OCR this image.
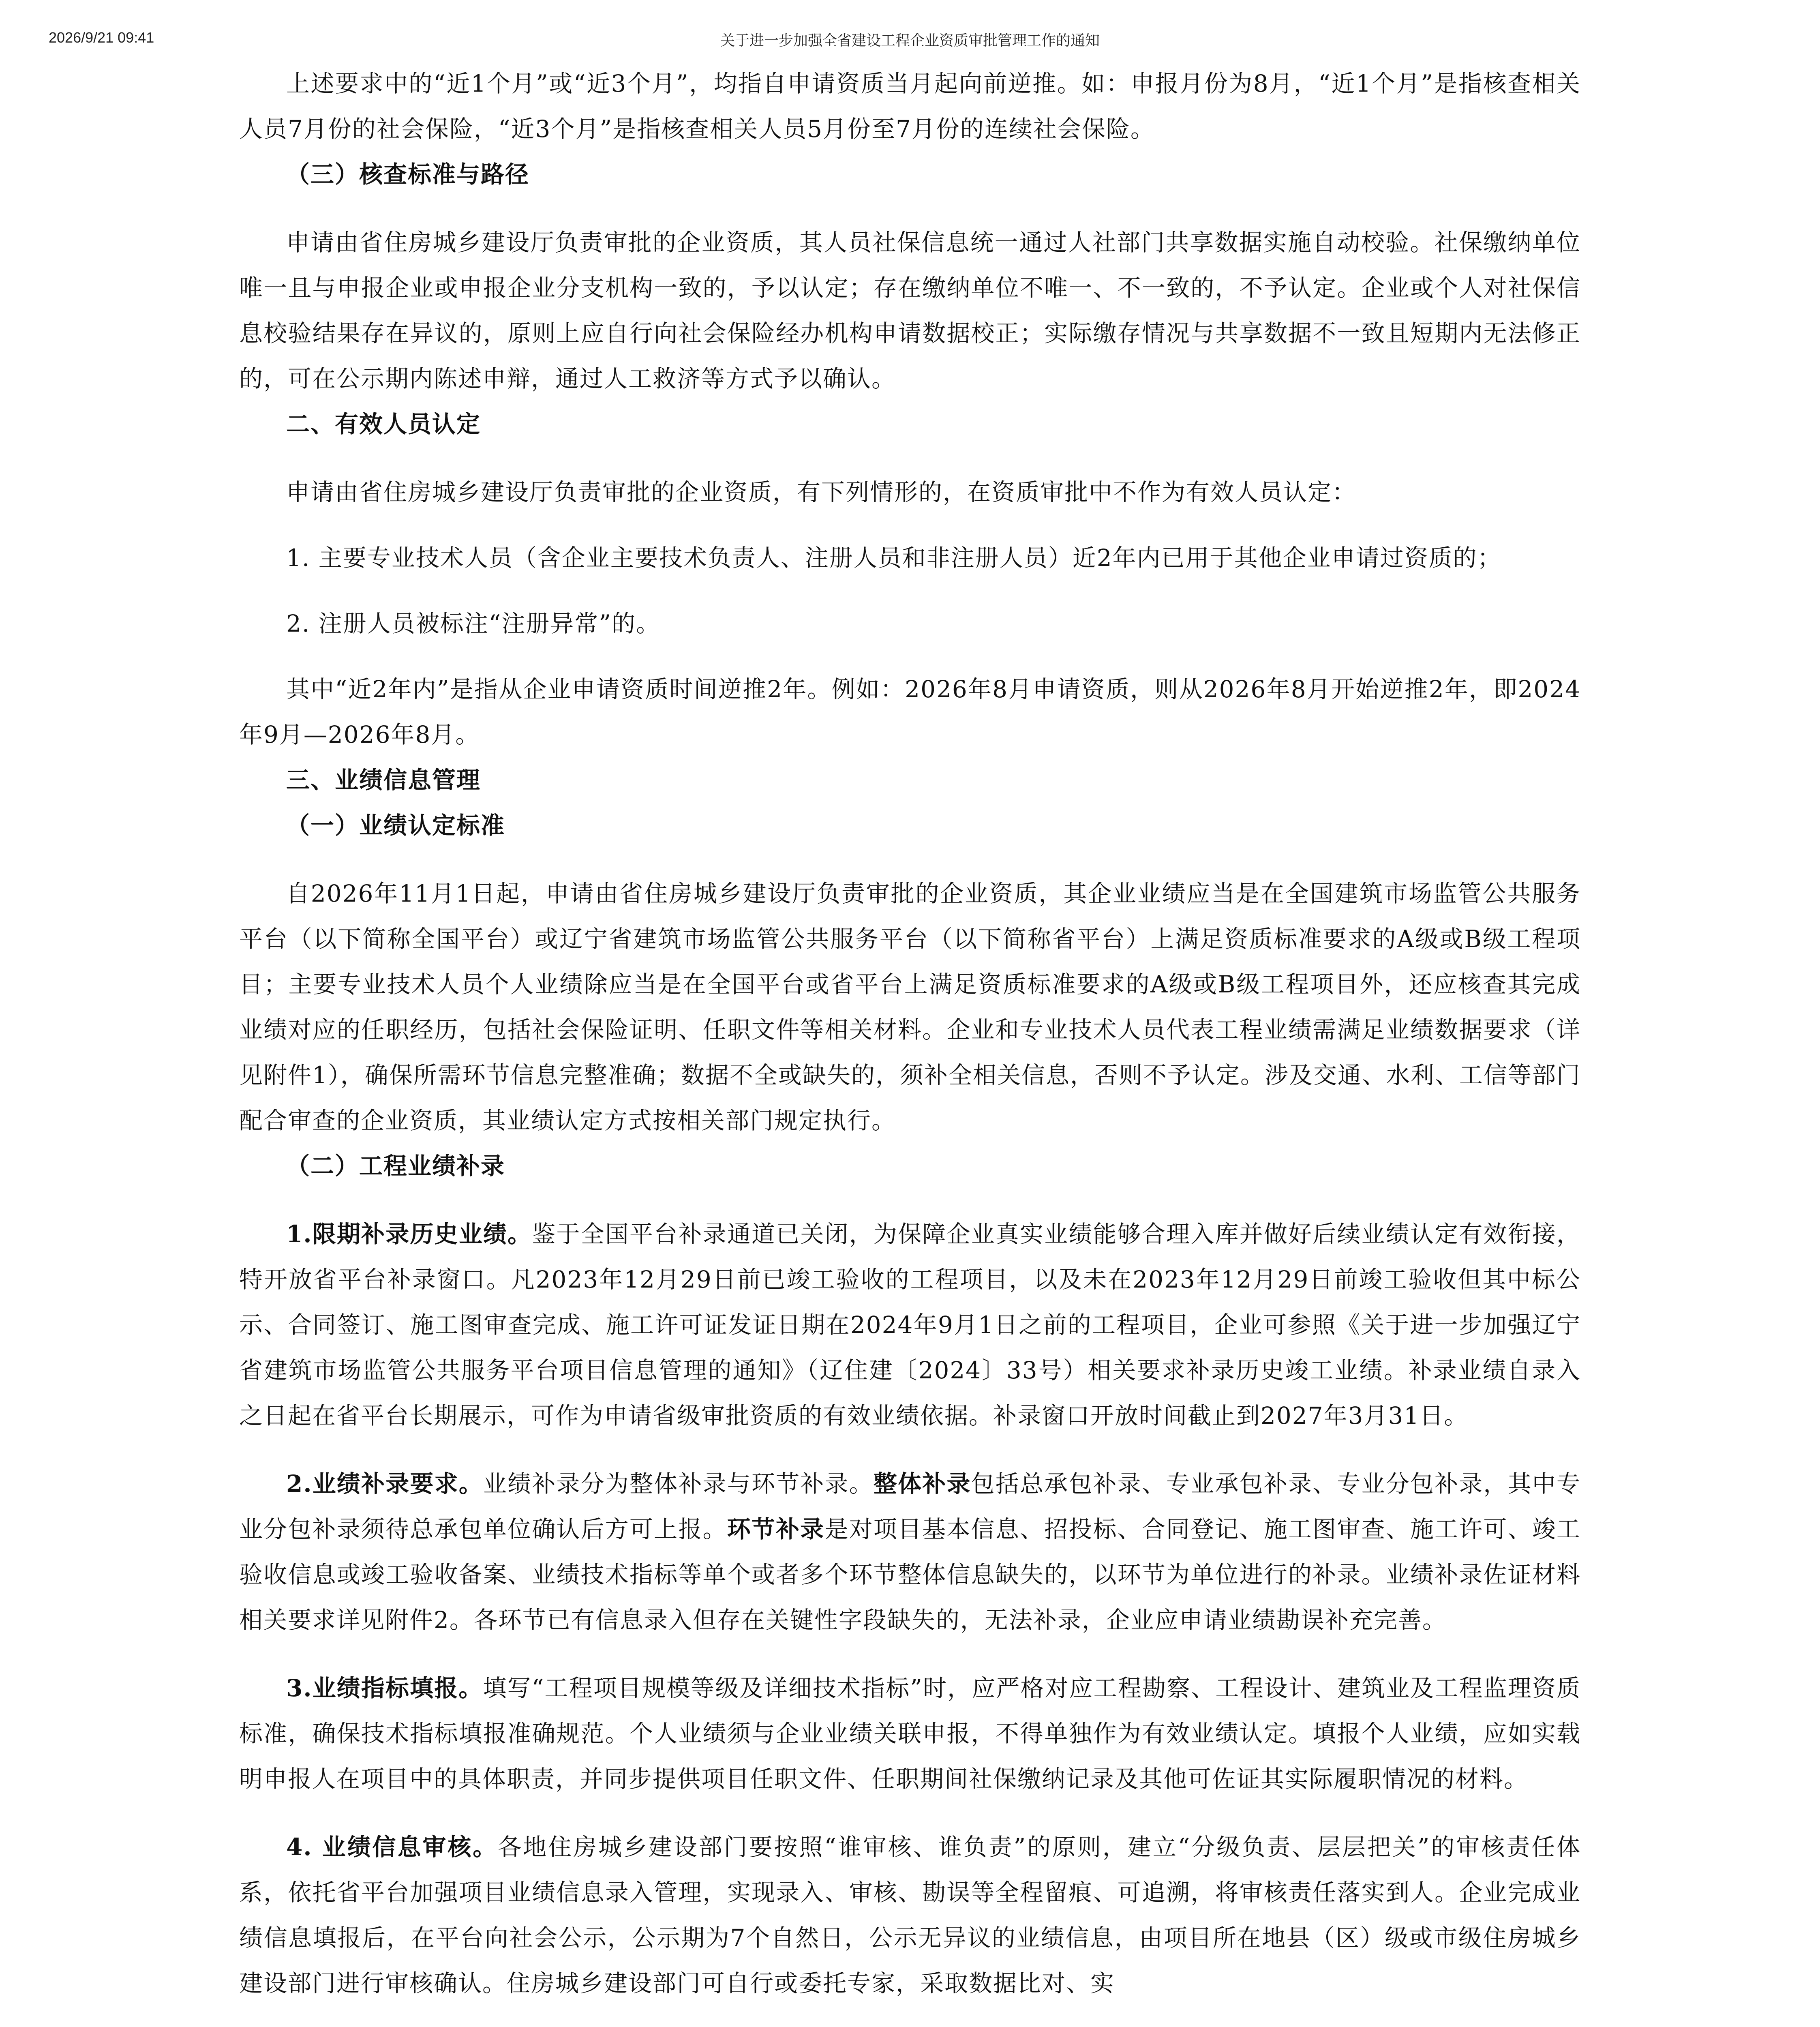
2026/9/21 09:41	关于进一步加强全省建设工程企业资质审批管理工作的通知

上述要求中的“近1个月”或“近3个月”，均指自申请资质当月起向前逆推。如：申报月份为8月，“近1个月”是指核查相关人员7月份的社会保险，“近3个月”是指核查相关人员5月份至7月份的连续社会保险。

（三）核查标准与路径

申请由省住房城乡建设厅负责审批的企业资质，其人员社保信息统一通过人社部门共享数据实施自动校验。社保缴纳单位唯一且与申报企业或申报企业分支机构一致的，予以认定；存在缴纳单位不唯一、不一致的，不予认定。企业或个人对社保信息校验结果存在异议的，原则上应自行向社会保险经办机构申请数据校正；实际缴存情况与共享数据不一致且短期内无法修正的，可在公示期内陈述申辩，通过人工救济等方式予以确认。

二、有效人员认定

申请由省住房城乡建设厅负责审批的企业资质，有下列情形的，在资质审批中不作为有效人员认定：

1. 主要专业技术人员（含企业主要技术负责人、注册人员和非注册人员）近2年内已用于其他企业申请过资质的；

2. 注册人员被标注“注册异常”的。

其中“近2年内”是指从企业申请资质时间逆推2年。例如：2026年8月申请资质，则从2026年8月开始逆推2年，即2024年9月—2026年8月。

三、业绩信息管理

（一）业绩认定标准

自2026年11月1日起，申请由省住房城乡建设厅负责审批的企业资质，其企业业绩应当是在全国建筑市场监管公共服务平台（以下简称全国平台）或辽宁省建筑市场监管公共服务平台（以下简称省平台）上满足资质标准要求的A级或B级工程项目；主要专业技术人员个人业绩除应当是在全国平台或省平台上满足资质标准要求的A级或B级工程项目外，还应核查其完成业绩对应的任职经历，包括社会保险证明、任职文件等相关材料。企业和专业技术人员代表工程业绩需满足业绩数据要求（详见附件1），确保所需环节信息完整准确；数据不全或缺失的，须补全相关信息，否则不予认定。涉及交通、水利、工信等部门配合审查的企业资质，其业绩认定方式按相关部门规定执行。

（二）工程业绩补录

1.限期补录历史业绩。鉴于全国平台补录通道已关闭，为保障企业真实业绩能够合理入库并做好后续业绩认定有效衔接，特开放省平台补录窗口。凡2023年12月29日前已竣工验收的工程项目，以及未在2023年12月29日前竣工验收但其中标公示、合同签订、施工图审查完成、施工许可证发证日期在2024年9月1日之前的工程项目，企业可参照《关于进一步加强辽宁省建筑市场监管公共服务平台项目信息管理的通知》（辽住建〔2024〕33号）相关要求补录历史竣工业绩。补录业绩自录入之日起在省平台长期展示，可作为申请省级审批资质的有效业绩依据。补录窗口开放时间截止到2027年3月31日。

2.业绩补录要求。业绩补录分为整体补录与环节补录。整体补录包括总承包补录、专业承包补录、专业分包补录，其中专业分包补录须待总承包单位确认后方可上报。环节补录是对项目基本信息、招投标、合同登记、施工图审查、施工许可、竣工验收信息或竣工验收备案、业绩技术指标等单个或者多个环节整体信息缺失的，以环节为单位进行的补录。业绩补录佐证材料相关要求详见附件2。各环节已有信息录入但存在关键性字段缺失的，无法补录，企业应申请业绩勘误补充完善。

3.业绩指标填报。填写“工程项目规模等级及详细技术指标”时，应严格对应工程勘察、工程设计、建筑业及工程监理资质标准，确保技术指标填报准确规范。个人业绩须与企业业绩关联申报，不得单独作为有效业绩认定。填报个人业绩，应如实载明申报人在项目中的具体职责，并同步提供项目任职文件、任职期间社保缴纳记录及其他可佐证其实际履职情况的材料。

4. 业绩信息审核。各地住房城乡建设部门要按照“谁审核、谁负责”的原则，建立“分级负责、层层把关”的审核责任体系，依托省平台加强项目业绩信息录入管理，实现录入、审核、勘误等全程留痕、可追溯，将审核责任落实到人。企业完成业绩信息填报后，在平台向社会公示，公示期为7个自然日，公示无异议的业绩信息，由项目所在地县（区）级或市级住房城乡建设部门进行审核确认。住房城乡建设部门可自行或委托专家，采取数据比对、实
